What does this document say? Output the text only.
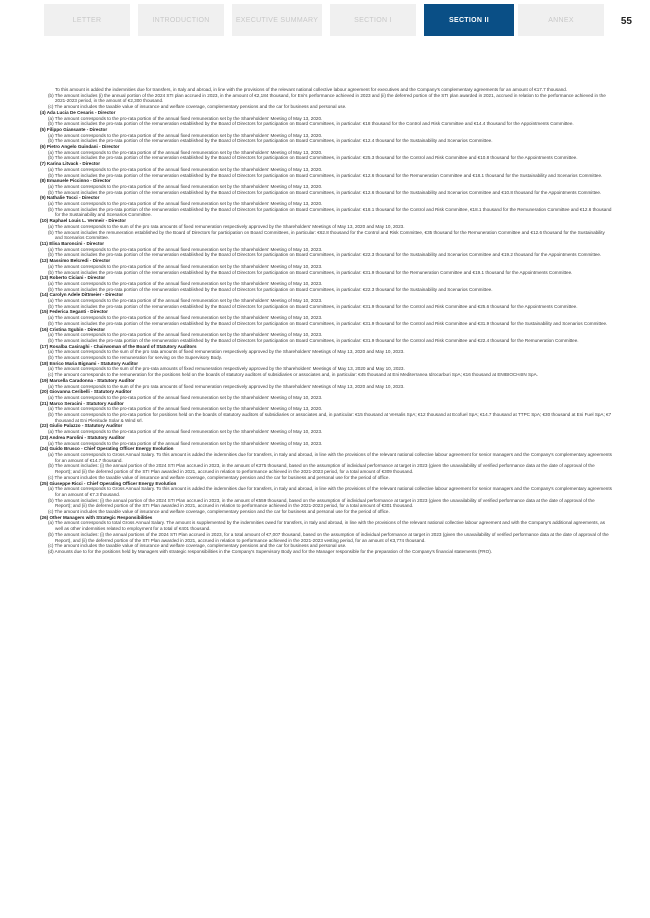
LETTER	INTRODUCTION	EXECUTIVE SUMMARY	SECTION I	SECTION II	ANNEX	55
To this amount is added the indemnities due for transfers, in Italy and abroad, in line with the provisions of the relevant national collective labour agreement for executives and the Company's complementary agreements for an amount of €17.7 thousand.
(b) The amount includes (i) the annual portion of the 2024 STI plan accrued in 2023, in the amount of €2,184 thousand, for Eni's performance achieved in 2023 and (ii) the deferred portion of the STI plan awarded in 2021, accrued in relation to the performance achieved in the 2021-2023 period, in the amount of €2,300 thousand.
(c) The amount includes the taxable value of insurance and welfare coverage, complementary pensions and the car for business and personal use.
(4) Ada Lucia De Cesaris - Director
(a) The amount corresponds to the pro-rata portion of the annual fixed remuneration set by the Shareholders' Meeting of May 13, 2020.
(b) The amount includes the pro-rata portion of the remuneration established by the Board of Directors for participation on Board Committees, in particular: €18 thousand for the Control and Risk Committee and €14.4 thousand for the Appointments Committee.
(5) Filippo Giansante - Director
(a) The amount corresponds to the pro-rata portion of the annual fixed remuneration set by the Shareholders' Meeting of May 13, 2020.
(b) The amount includes the pro-rata portion of the remuneration established by the Board of Directors for participation on Board Committees, in particular: €12.4 thousand for the Sustainability and Scenarios Committee.
(6) Pietro Angelo Guindani - Director
(a) The amount corresponds to the pro-rata portion of the annual fixed remuneration set by the Shareholders' Meeting of May 13, 2020.
(b) The amount includes the pro-rata portion of the remuneration established by the Board of Directors for participation on Board Committees, in particular: €25.3 thousand for the Control and Risk Committee and €10.8 thousand for the Appointments Committee.
(7) Karina Litvack - Director
(a) The amount corresponds to the pro-rata portion of the annual fixed remuneration set by the Shareholders' Meeting of May 13, 2020.
(b) The amount includes the pro-rata portion of the remuneration established by the Board of Directors for participation on Board Committees, in particular: €12.6 thousand for the Remuneration Committee and €18.1 thousand for the Sustainability and Scenarios Committee.
(8) Emanuele Piccinno - Director
(a) The amount corresponds to the pro-rata portion of the annual fixed remuneration set by the Shareholders' Meeting of May 13, 2020.
(b) The amount includes the pro-rata portion of the remuneration established by the Board of Directors for participation on Board Committees, in particular: €12.6 thousand for the Sustainability and Scenarios Committee and €10.8 thousand for the Appointments Committee.
(9) Nathalie Tocci - Director
(a) The amount corresponds to the pro-rata portion of the annual fixed remuneration set by the Shareholders' Meeting of May 13, 2020.
(b) The amount includes the pro-rata portion of the remuneration established by the Board of Directors for participation on Board Committees, in particular: €18.1 thousand for the Control and Risk Committee, €18.1 thousand for the Remuneration Committee and €12.6 thousand for the Sustainability and Scenarios Committee.
(10) Raphael Louis L. Vermeir - Director
(a) The amount corresponds to the sum of the pro rata amounts of fixed remuneration respectively approved by the Shareholders' Meetings of May 13, 2020 and May 10, 2023.
(b) The amount includes the remuneration established by the Board of Directors for participation on Board Committees, in particular: €62.8 thousand for the Control and Risk Committee, €35 thousand for the Remuneration Committee and €12.6 thousand for the Sustainability and Scenarios Committee.
(11) Elisa Baroncini - Director
(a) The amount corresponds to the pro-rata portion of the annual fixed remuneration set by the Shareholders' Meeting of May 10, 2023.
(b) The amount includes the pro-rata portion of the remuneration established by the Board of Directors for participation on Board Committees, in particular: €22.3 thousand for the Sustainability and Scenarios Committee and €19.2 thousand for the Appointments Committee.
(12) Massimo Belcredi - Director
(a) The amount corresponds to the pro-rata portion of the annual fixed remuneration set by the Shareholders' Meeting of May 10, 2023.
(b) The amount includes the pro-rata portion of the remuneration established by the Board of Directors for participation on Board Committees, in particular: €31.9 thousand for the Remuneration Committee and €19.1 thousand for the Appointments Committee.
(13) Roberto Ciciani - Director
(a) The amount corresponds to the pro-rata portion of the annual fixed remuneration set by the Shareholders' Meeting of May 10, 2023.
(b) The amount includes the pro-rata portion of the remuneration established by the Board of Directors for participation on Board Committees, in particular: €22.3 thousand for the Sustainability and Scenarios Committee.
(14) Carolyn Adele Dittmeier - Director
(a) The amount corresponds to the pro-rata portion of the annual fixed remuneration set by the Shareholders' Meeting of May 10, 2023.
(b) The amount includes the pro-rata portion of the remuneration established by the Board of Directors for participation on Board Committees, in particular: €31.9 thousand for the Control and Risk Committee and €25.6 thousand for the Appointments Committee.
(15) Federica Seganti - Director
(a) The amount corresponds to the pro-rata portion of the annual fixed remuneration set by the Shareholders' Meeting of May 10, 2023.
(b) The amount includes the pro-rata portion of the remuneration established by the Board of Directors for participation on Board Committees, in particular: €31.9 thousand for the Control and Risk Committee and €31.9 thousand for the Sustainability and Scenarios Committee.
(16) Cristina Sgubin - Director
(a) The amount corresponds to the pro-rata portion of the annual fixed remuneration set by the Shareholders' Meeting of May 10, 2023.
(b) The amount includes the pro-rata portion of the remuneration established by the Board of Directors for participation on Board Committees, in particular: €31.9 thousand for the Control and Risk Committee and €22.4 thousand for the Remuneration Committee.
(17) Rosalba Casiraghi - Chairwoman of the Board of Statutory Auditors
(a) The amount corresponds to the sum of the pro rata amounts of fixed remuneration respectively approved by the Shareholders' Meetings of May 13, 2020 and May 10, 2023.
(b) The amount corresponds to the remuneration for serving on the Supervisory Body.
(18) Enrico Maria Bignami - Statutory Auditor
(a) The amount corresponds to the sum of the pro-rata amounts of fixed remuneration respectively approved by the Shareholders' Meetings of May 13, 2020 and May 10, 2023.
(c) The amount corresponds to the remuneration for the positions held on the boards of statutory auditors of subsidiaries or associates and, in particular: €45 thousand at Eni Mediterranea Idrocarburi SpA; €16 thousand at ENIBIOCH4IN SpA.
(19) Marcella Caradonna - Statutory Auditor
(a) The amount corresponds to the sum of the pro rata amounts of fixed remuneration respectively approved by the Shareholders' Meetings of May 13, 2020 and May 10, 2023.
(20) Giovanna Ceribelli - Statutory Auditor
(a) The amount corresponds to the pro-rata portion of the annual fixed remuneration set by the Shareholders' Meeting of May 10, 2023.
(21) Marco Seracini - Statutory Auditor
(a) The amount corresponds to the pro-rata portion of the annual fixed remuneration set by the Shareholders' Meeting of May 13, 2020.
(b) The amount corresponds to the pro-rata portion for positions held on the boards of statutory auditors of subsidiaries or associates and, in particular: €15 thousand at Versalis SpA; €12 thousand at Ecofuel SpA; €14.7 thousand at TTPC SpA; €30 thousand at Eni Fuel SpA; €7 thousand at Eni Plenitude Solar & Wind srl.
(22) Giulio Palazzo - Statutory Auditor
(a) The amount corresponds to the pro-rata portion of the annual fixed remuneration set by the Shareholders' Meeting of May 10, 2023.
(23) Andrea Parolini - Statutory Auditor
(a) The amount corresponds to the pro-rata portion of the annual fixed remuneration set by the Shareholders' Meeting of May 10, 2023.
(24) Guido Brusco - Chief Operating Officer Energy Evolution
(a) The amount corresponds to Gross Annual Salary. To this amount is added the indemnities due for transfers, in Italy and abroad, in line with the provisions of the relevant national collective labour agreement for senior managers and the Company's complementary agreements for an amount of €14.7 thousand.
(b) The amount includes: (i) the annual portion of the 2024 STI Plan accrued in 2023, in the amount of €375 thousand, based on the assumption of individual performance at target in 2023 (given the unavailability of verified performance data at the date of approval of the Report); and (ii) the deferred portion of the STI Plan awarded in 2021, accrued in relation to performance achieved in the 2021-2023 period, for a total amount of €309 thousand.
(c) The amount includes the taxable value of insurance and welfare coverage, complementary pension and the car for business and personal use for the period of office.
(25) Giuseppe Ricci - Chief Operating Officer Energy Evolution
(a) The amount corresponds to Gross Annual Salary. To this amount is added the indemnities due for transfers, in Italy and abroad, in line with the provisions of the relevant national collective labour agreement for senior managers and the Company's complementary agreements for an amount of €7.3 thousand.
(b) The amount includes: (i) the annual portion of the 2024 STI Plan accrued in 2023, in the amount of €559 thousand, based on the assumption of individual performance at target in 2023 (given the unavailability of verified performance data at the date of approval of the Report); and (ii) the deferred portion of the STI Plan awarded in 2021, accrued in relation to performance achieved in the 2021-2023 period, for a total amount of €301 thousand.
(c) The amount includes the taxable value of insurance and welfare coverage, complementary pension and the car for business and personal use for the period of office.
(26) Other Managers with Strategic Responsibilities
(a) The amount corresponds to total Gross Annual Salary. The amount is supplemented by the indemnities owed for transfers, in Italy and abroad, in line with the provisions of the relevant national collective labour agreement and with the Company's additional agreements, as well as other indemnities related to employment for a total of €401 thousand.
(b) The amount includes: (i) the annual portions of the 2024 STI Plan accrued in 2023, for a total amount of €7,007 thousand, based on the assumption of individual performance at target in 2023 (given the unavailability of verified performance data at the date of approval of the Report), and (ii) the deferred portion of the STI Plan awarded in 2021, accrued in relation to performance achieved in the 2021-2023 vesting period, for an amount of €3,774 thousand.
(c) The amount includes the taxable value of insurance and welfare coverage, complementary pensions and the car for business and personal use.
(d) Amounts due to for the positions held by Managers with strategic responsibilities in the Company's Supervisory Body and for the Manager responsible for the preparation of the Company's financial statements (FRO).
